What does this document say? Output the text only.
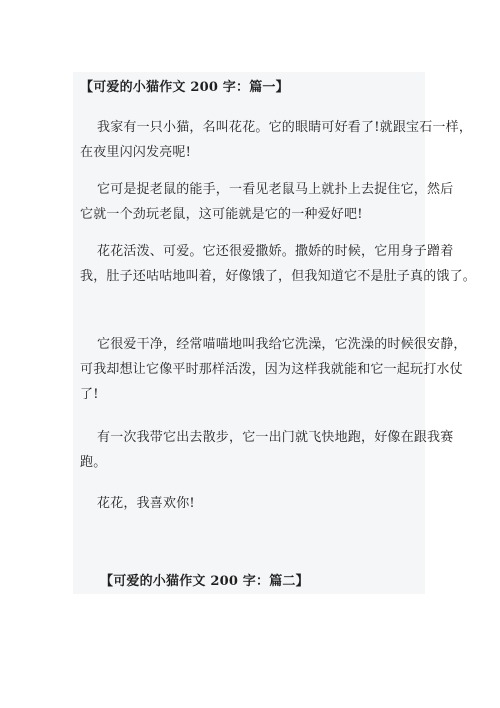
【可爱的小猫作文 200 字：篇一】
我家有一只小猫，名叫花花。它的眼睛可好看了!就跟宝石一样，
在夜里闪闪发亮呢!
它可是捉老鼠的能手，一看见老鼠马上就扑上去捉住它，然后
它就一个劲玩老鼠，这可能就是它的一种爱好吧!
花花活泼、可爱。它还很爱撒娇。撒娇的时候，它用身子蹭着
我，肚子还咕咕地叫着，好像饿了，但我知道它不是肚子真的饿了。
它很爱干净，经常喵喵地叫我给它洗澡，它洗澡的时候很安静，
可我却想让它像平时那样活泼，因为这样我就能和它一起玩打水仗
了!
有一次我带它出去散步，它一出门就飞快地跑，好像在跟我赛
跑。
花花，我喜欢你!
【可爱的小猫作文 200 字：篇二】
